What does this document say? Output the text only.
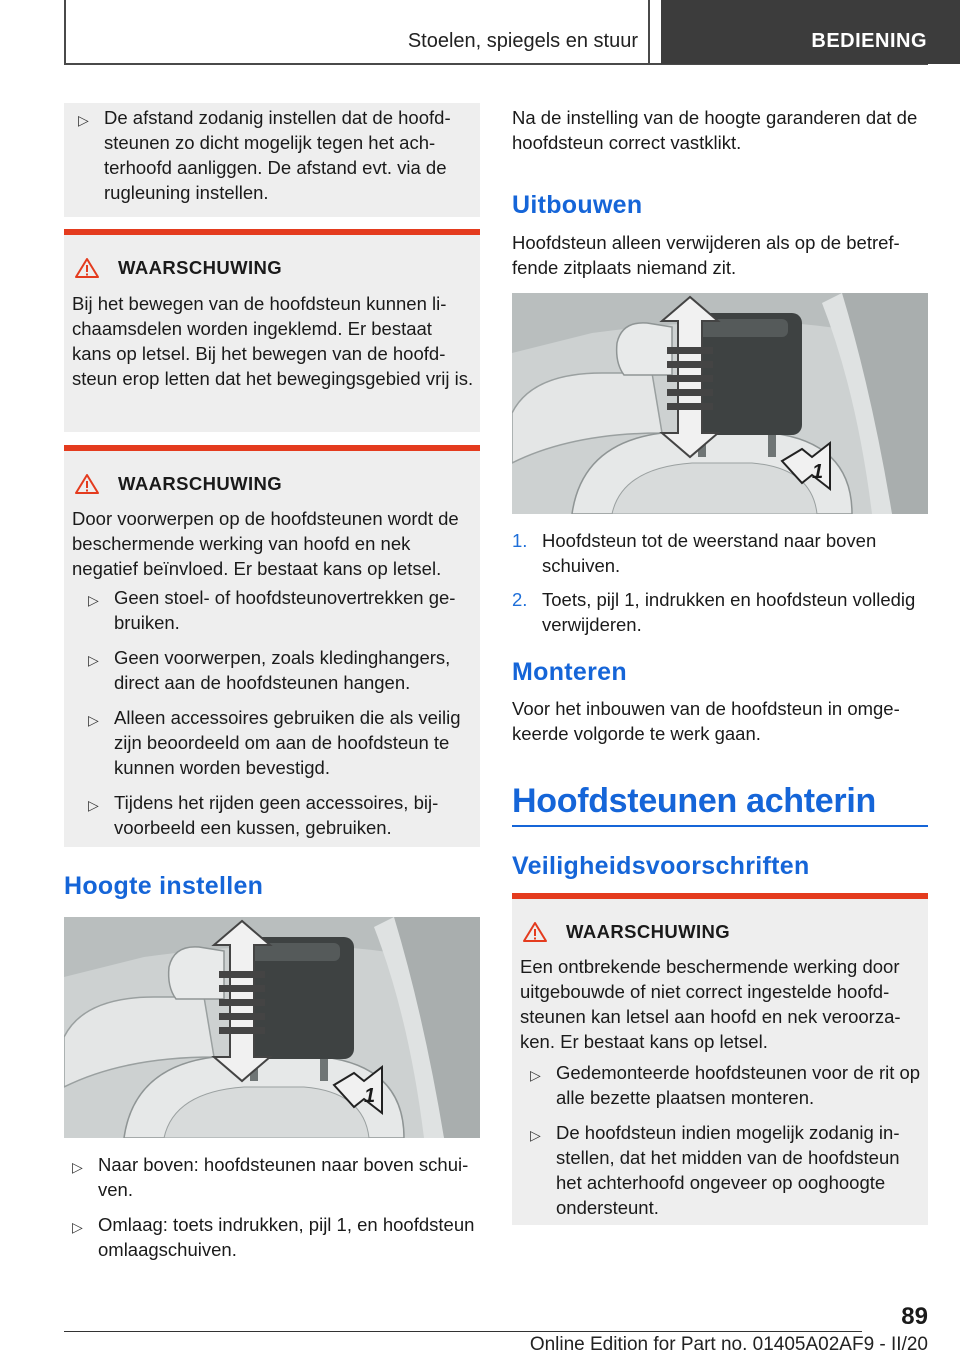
Stoelen, spiegels en stuur	BEDIENING
▷ De afstand zodanig instellen dat de hoofdsteunen zo dicht mogelijk tegen het achterhoofd aanliggen. De afstand evt. via de rugleuning instellen.
WAARSCHUWING

Bij het bewegen van de hoofdsteun kunnen lichaamsdelen worden ingeklemd. Er bestaat kans op letsel. Bij het bewegen van de hoofdsteun erop letten dat het bewegingsgebied vrij is.

WAARSCHUWING

Door voorwerpen op de hoofdsteunen wordt de beschermende werking van hoofd en nek negatief beïnvloed. Er bestaat kans op letsel.

▷ Geen stoel- of hoofdsteunovertrekken gebruiken.
▷ Geen voorwerpen, zoals kledinghangers, direct aan de hoofdsteunen hangen.
▷ Alleen accessoires gebruiken die als veilig zijn beoordeeld om aan de hoofdsteun te kunnen worden bevestigd.
▷ Tijdens het rijden geen accessoires, bijvoorbeeld een kussen, gebruiken.
Hoogte instellen
1
▷ Naar boven: hoofdsteunen naar boven schuiven.
▷ Omlaag: toets indrukken, pijl 1, en hoofdsteun omlaagschuiven.

Na de instelling van de hoogte garanderen dat de hoofdsteun correct vastklikt.

Uitbouwen

Hoofdsteun alleen verwijderen als op de betreffende zitplaats niemand zit.

1
1. Hoofdsteun tot de weerstand naar boven schuiven.
2. Toets, pijl 1, indrukken en hoofdsteun volledig verwijderen.
Monteren

Voor het inbouwen van de hoofdsteun in omgekeerde volgorde te werk gaan.

Hoofdsteunen achterin
Veiligheidsvoorschriften
WAARSCHUWING

Een ontbrekende beschermende werking door uitgebouwde of niet correct ingestelde hoofdsteunen kan letsel aan hoofd en nek veroorzaken. Er bestaat kans op letsel.

▷ Gedemonteerde hoofdsteunen voor de rit op alle bezette plaatsen monteren.
▷ De hoofdsteun indien mogelijk zodanig instellen, dat het midden van de hoofdsteun het achterhoofd ongeveer op ooghoogte ondersteunt.
89
Online Edition for Part no. 01405A02AF9 - II/20
